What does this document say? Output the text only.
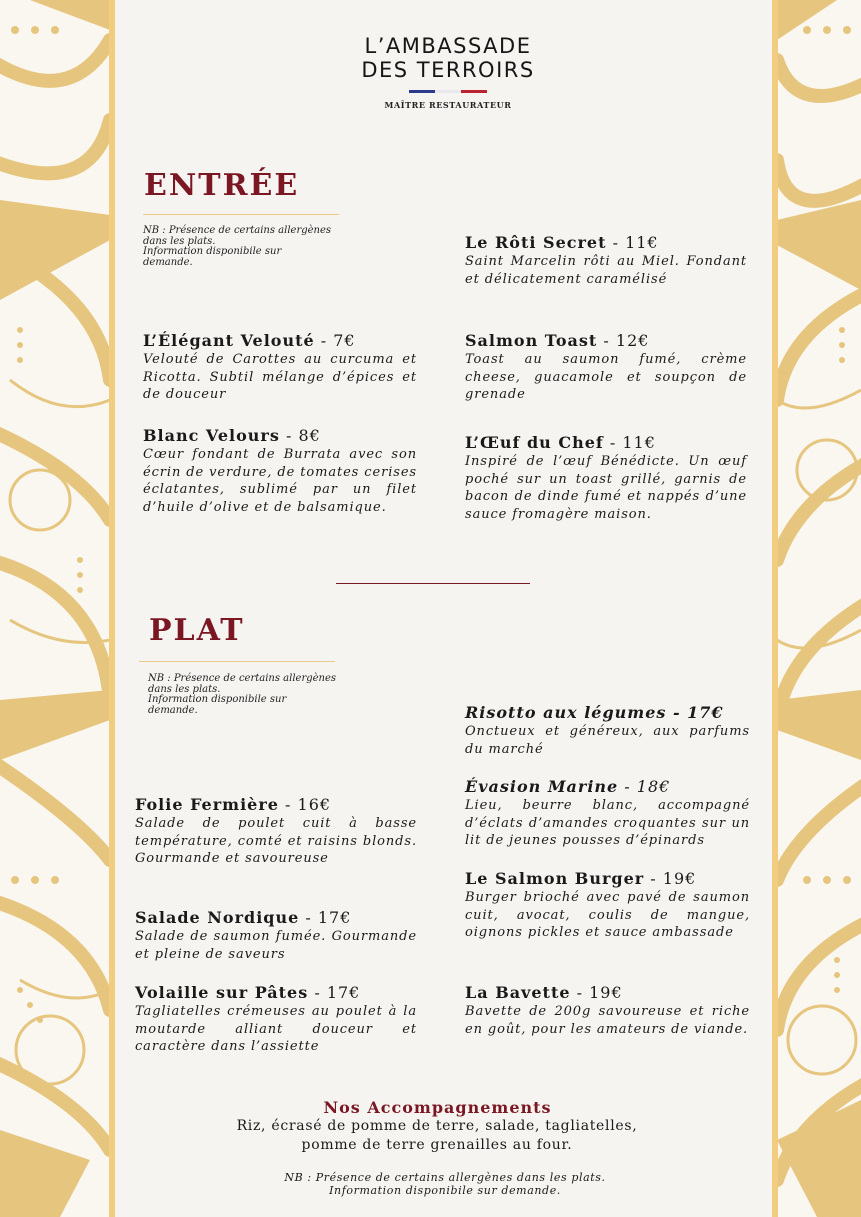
L’AMBASSADE
DES TERROIRS
MAÎTRE RESTAURATEUR
ENTRÉE
NB : Présence de certains allergènes
dans les plats.
Information disponibile sur
demande.
L’Élégant Velouté - 7€

Velouté de Carottes au curcuma et Ricotta. Subtil mélange d’épices et de douceur

Blanc Velours - 8€

Cœur fondant de Burrata avec son écrin de verdure, de tomates cerises éclatantes, sublimé par un filet d’huile d’olive et de balsamique.

Le Rôti Secret - 11€

Saint Marcelin rôti au Miel. Fondant et délicatement caramélisé

Salmon Toast - 12€

Toast au saumon fumé, crème cheese, guacamole et soupçon de grenade

L’Œuf du Chef - 11€

Inspiré de l’œuf Bénédicte. Un œuf poché sur un toast grillé, garnis de bacon de dinde fumé et nappés d’une sauce fromagère maison.

PLAT
NB : Présence de certains allergènes
dans les plats.
Information disponibile sur
demande.
Folie Fermière - 16€

Salade de poulet cuit à basse température, comté et raisins blonds. Gourmande et savoureuse

Salade Nordique - 17€

Salade de saumon fumée. Gourmande et pleine de saveurs

Volaille sur Pâtes - 17€

Tagliatelles crémeuses au poulet à la moutarde alliant douceur et caractère dans l’assiette

Risotto aux légumes - 17€

Onctueux et généreux, aux parfums du marché

Évasion Marine - 18€

Lieu, beurre blanc, accompagné d’éclats d’amandes croquantes sur un lit de jeunes pousses d’épinards

Le Salmon Burger - 19€

Burger brioché avec pavé de saumon cuit, avocat, coulis de mangue, oignons pickles et sauce ambassade

La Bavette - 19€

Bavette de 200g savoureuse et riche en goût, pour les amateurs de viande.

Nos Accompagnements
Riz, écrasé de pomme de terre, salade, tagliatelles,
pomme de terre grenailles au four.
NB : Présence de certains allergènes dans les plats.
Information disponibile sur demande.
